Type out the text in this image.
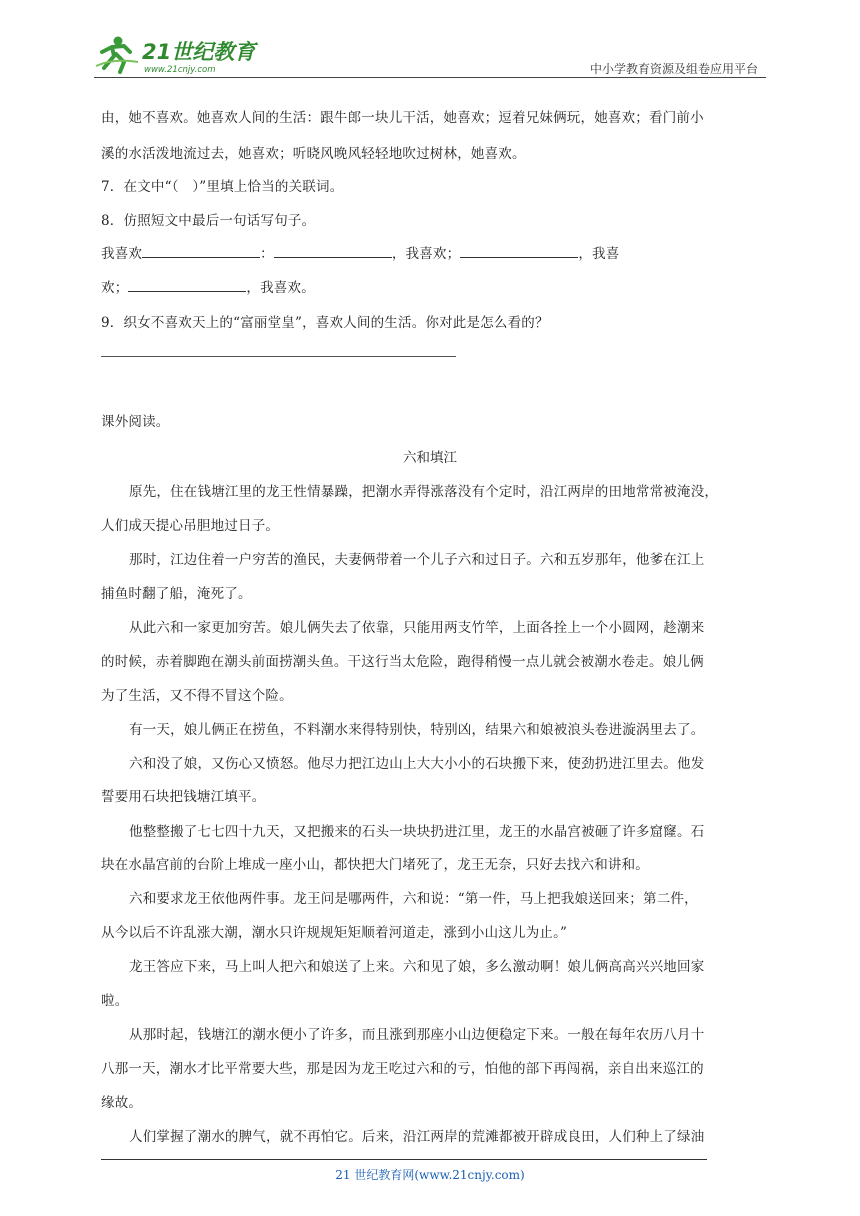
21世纪教育
www.21cnjy.com	中小学教育资源及组卷应用平台
由，她不喜欢。她喜欢人间的生活：跟牛郎一块儿干活，她喜欢；逗着兄妹俩玩，她喜欢；看门前小
溪的水活泼地流过去，她喜欢；听晓风晚风轻轻地吹过树林，她喜欢。
7．在文中“（　）”里填上恰当的关联词。
8．仿照短文中最后一句话写句子。
我喜欢	：	，我喜欢；	，我喜
欢；	，我喜欢。
9．织女不喜欢天上的“富丽堂皇”，喜欢人间的生活。你对此是怎么看的？
课外阅读。
六和填江
原先，住在钱塘江里的龙王性情暴躁，把潮水弄得涨落没有个定时，沿江两岸的田地常常被淹没，
人们成天提心吊胆地过日子。
那时，江边住着一户穷苦的渔民，夫妻俩带着一个儿子六和过日子。六和五岁那年，他爹在江上
捕鱼时翻了船，淹死了。
从此六和一家更加穷苦。娘儿俩失去了依靠，只能用两支竹竿，上面各拴上一个小圆网，趁潮来
的时候，赤着脚跑在潮头前面捞潮头鱼。干这行当太危险，跑得稍慢一点儿就会被潮水卷走。娘儿俩
为了生活，又不得不冒这个险。
有一天，娘儿俩正在捞鱼，不料潮水来得特别快，特别凶，结果六和娘被浪头卷进漩涡里去了。
六和没了娘，又伤心又愤怒。他尽力把江边山上大大小小的石块搬下来，使劲扔进江里去。他发
誓要用石块把钱塘江填平。
他整整搬了七七四十九天，又把搬来的石头一块块扔进江里，龙王的水晶宫被砸了许多窟窿。石
块在水晶宫前的台阶上堆成一座小山，都快把大门堵死了，龙王无奈，只好去找六和讲和。
六和要求龙王依他两件事。龙王问是哪两件，六和说：“第一件，马上把我娘送回来；第二件，
从今以后不许乱涨大潮，潮水只许规规矩矩顺着河道走，涨到小山这儿为止。”
龙王答应下来，马上叫人把六和娘送了上来。六和见了娘，多么激动啊！娘儿俩高高兴兴地回家
啦。
从那时起，钱塘江的潮水便小了许多，而且涨到那座小山边便稳定下来。一般在每年农历八月十
八那一天，潮水才比平常要大些，那是因为龙王吃过六和的亏，怕他的部下再闯祸，亲自出来巡江的
缘故。
人们掌握了潮水的脾气，就不再怕它。后来，沿江两岸的荒滩都被开辟成良田，人们种上了绿油
21 世纪教育网(www.21cnjy.com)
